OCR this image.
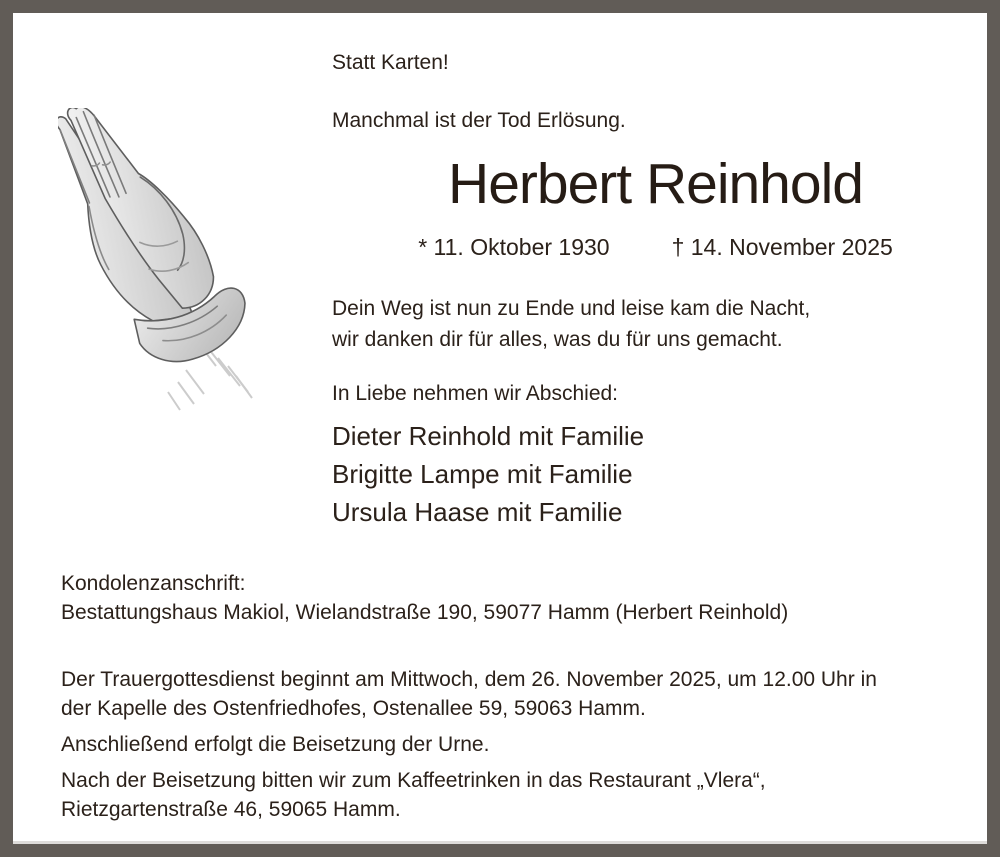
Statt Karten!
Manchmal ist der Tod Erlösung.
Herbert Reinhold
* 11. Oktober 1930	† 14. November 2025
Dein Weg ist nun zu Ende und leise kam die Nacht,
wir danken dir für alles, was du für uns gemacht.
In Liebe nehmen wir Abschied:
Dieter Reinhold mit Familie
Brigitte Lampe mit Familie
Ursula Haase mit Familie
Kondolenzanschrift:
Bestattungshaus Makiol, Wielandstraße 190, 59077 Hamm (Herbert Reinhold)
Der Trauergottesdienst beginnt am Mittwoch, dem 26. November 2025, um 12.00 Uhr in
der Kapelle des Ostenfriedhofes, Ostenallee 59, 59063 Hamm.
Anschließend erfolgt die Beisetzung der Urne.
Nach der Beisetzung bitten wir zum Kaffeetrinken in das Restaurant „Vlera“,
Rietzgartenstraße 46, 59065 Hamm.
